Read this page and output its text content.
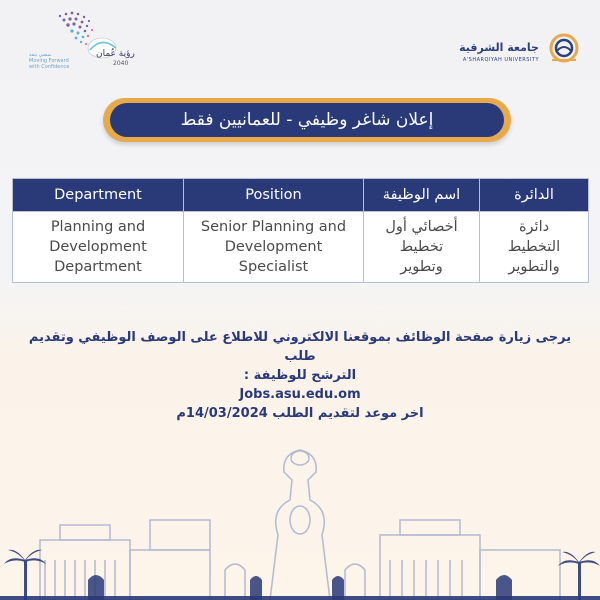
رؤية عُمان
2040
نمضي بثقة
Moving Forward
with Confidence
جامعة الشرقية
A'SHARQIYAH UNIVERSITY
إعلان شاغر وظيفي - للعمانيين فقط
Department	Position	اسم الوظيفة	الدائرة
Planning and Development Department	Senior Planning and Development Specialist	أخصائي أول تخطيط وتطوير	دائرة التخطيط والتطوير
يرجى زيارة صفحة الوظائف بموقعنا الالكتروني للاطلاع على الوصف الوظيفي وتقديم طلب
الترشح للوظيفة :
Jobs.asu.edu.om
اخر موعد لتقديم الطلب 14/03/2024م
